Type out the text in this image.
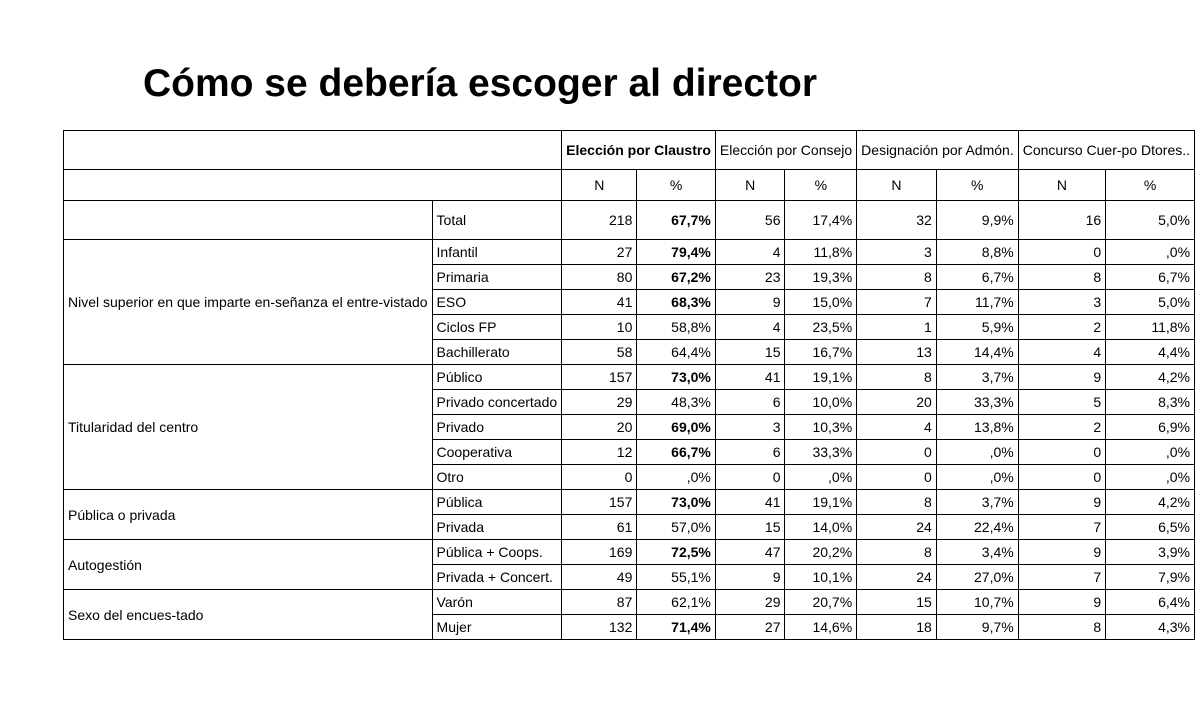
Cómo se debería escoger al director
		Elección por Claustro		Elección por Consejo		Designación por Admón.		Concurso Cuer-po Dtores..	
		N	%	N	%	N	%	N	%
	Total	218	67,7%	56	17,4%	32	9,9%	16	5,0%
Nivel superior en que imparte en-señanza el entre-vistado	Infantil	27	79,4%	4	11,8%	3	8,8%	0	,0%
	Primaria	80	67,2%	23	19,3%	8	6,7%	8	6,7%
	ESO	41	68,3%	9	15,0%	7	11,7%	3	5,0%
	Ciclos FP	10	58,8%	4	23,5%	1	5,9%	2	11,8%
	Bachillerato	58	64,4%	15	16,7%	13	14,4%	4	4,4%
Titularidad del centro	Público	157	73,0%	41	19,1%	8	3,7%	9	4,2%
	Privado concertado	29	48,3%	6	10,0%	20	33,3%	5	8,3%
	Privado	20	69,0%	3	10,3%	4	13,8%	2	6,9%
	Cooperativa	12	66,7%	6	33,3%	0	,0%	0	,0%
	Otro	0	,0%	0	,0%	0	,0%	0	,0%
Pública o privada	Pública	157	73,0%	41	19,1%	8	3,7%	9	4,2%
	Privada	61	57,0%	15	14,0%	24	22,4%	7	6,5%
Autogestión	Pública + Coops.	169	72,5%	47	20,2%	8	3,4%	9	3,9%
	Privada + Concert.	49	55,1%	9	10,1%	24	27,0%	7	7,9%
Sexo del encues-tado	Varón	87	62,1%	29	20,7%	15	10,7%	9	6,4%
	Mujer	132	71,4%	27	14,6%	18	9,7%	8	4,3%
